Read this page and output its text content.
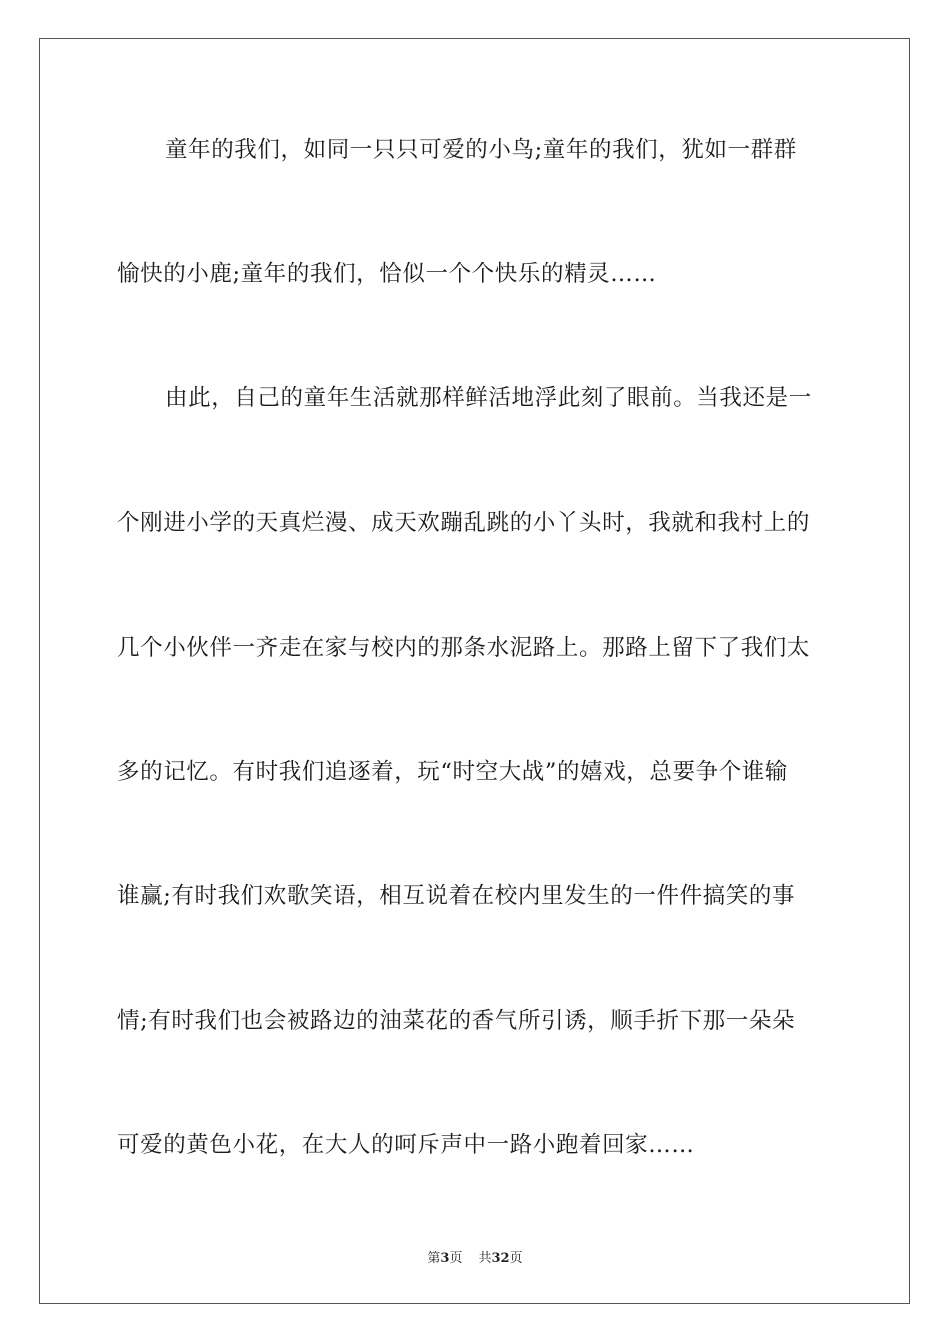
童年的我们，如同一只只可爱的小鸟;童年的我们，犹如一群群
愉快的小鹿;童年的我们，恰似一个个快乐的精灵……
由此，自己的童年生活就那样鲜活地浮此刻了眼前。当我还是一
个刚进小学的天真烂漫、成天欢蹦乱跳的小丫头时，我就和我村上的
几个小伙伴一齐走在家与校内的那条水泥路上。那路上留下了我们太
多的记忆。有时我们追逐着，玩“时空大战”的嬉戏，总要争个谁输
谁赢;有时我们欢歌笑语，相互说着在校内里发生的一件件搞笑的事
情;有时我们也会被路边的油菜花的香气所引诱，顺手折下那一朵朵
可爱的黄色小花，在大人的呵斥声中一路小跑着回家……
第3页 共32页
